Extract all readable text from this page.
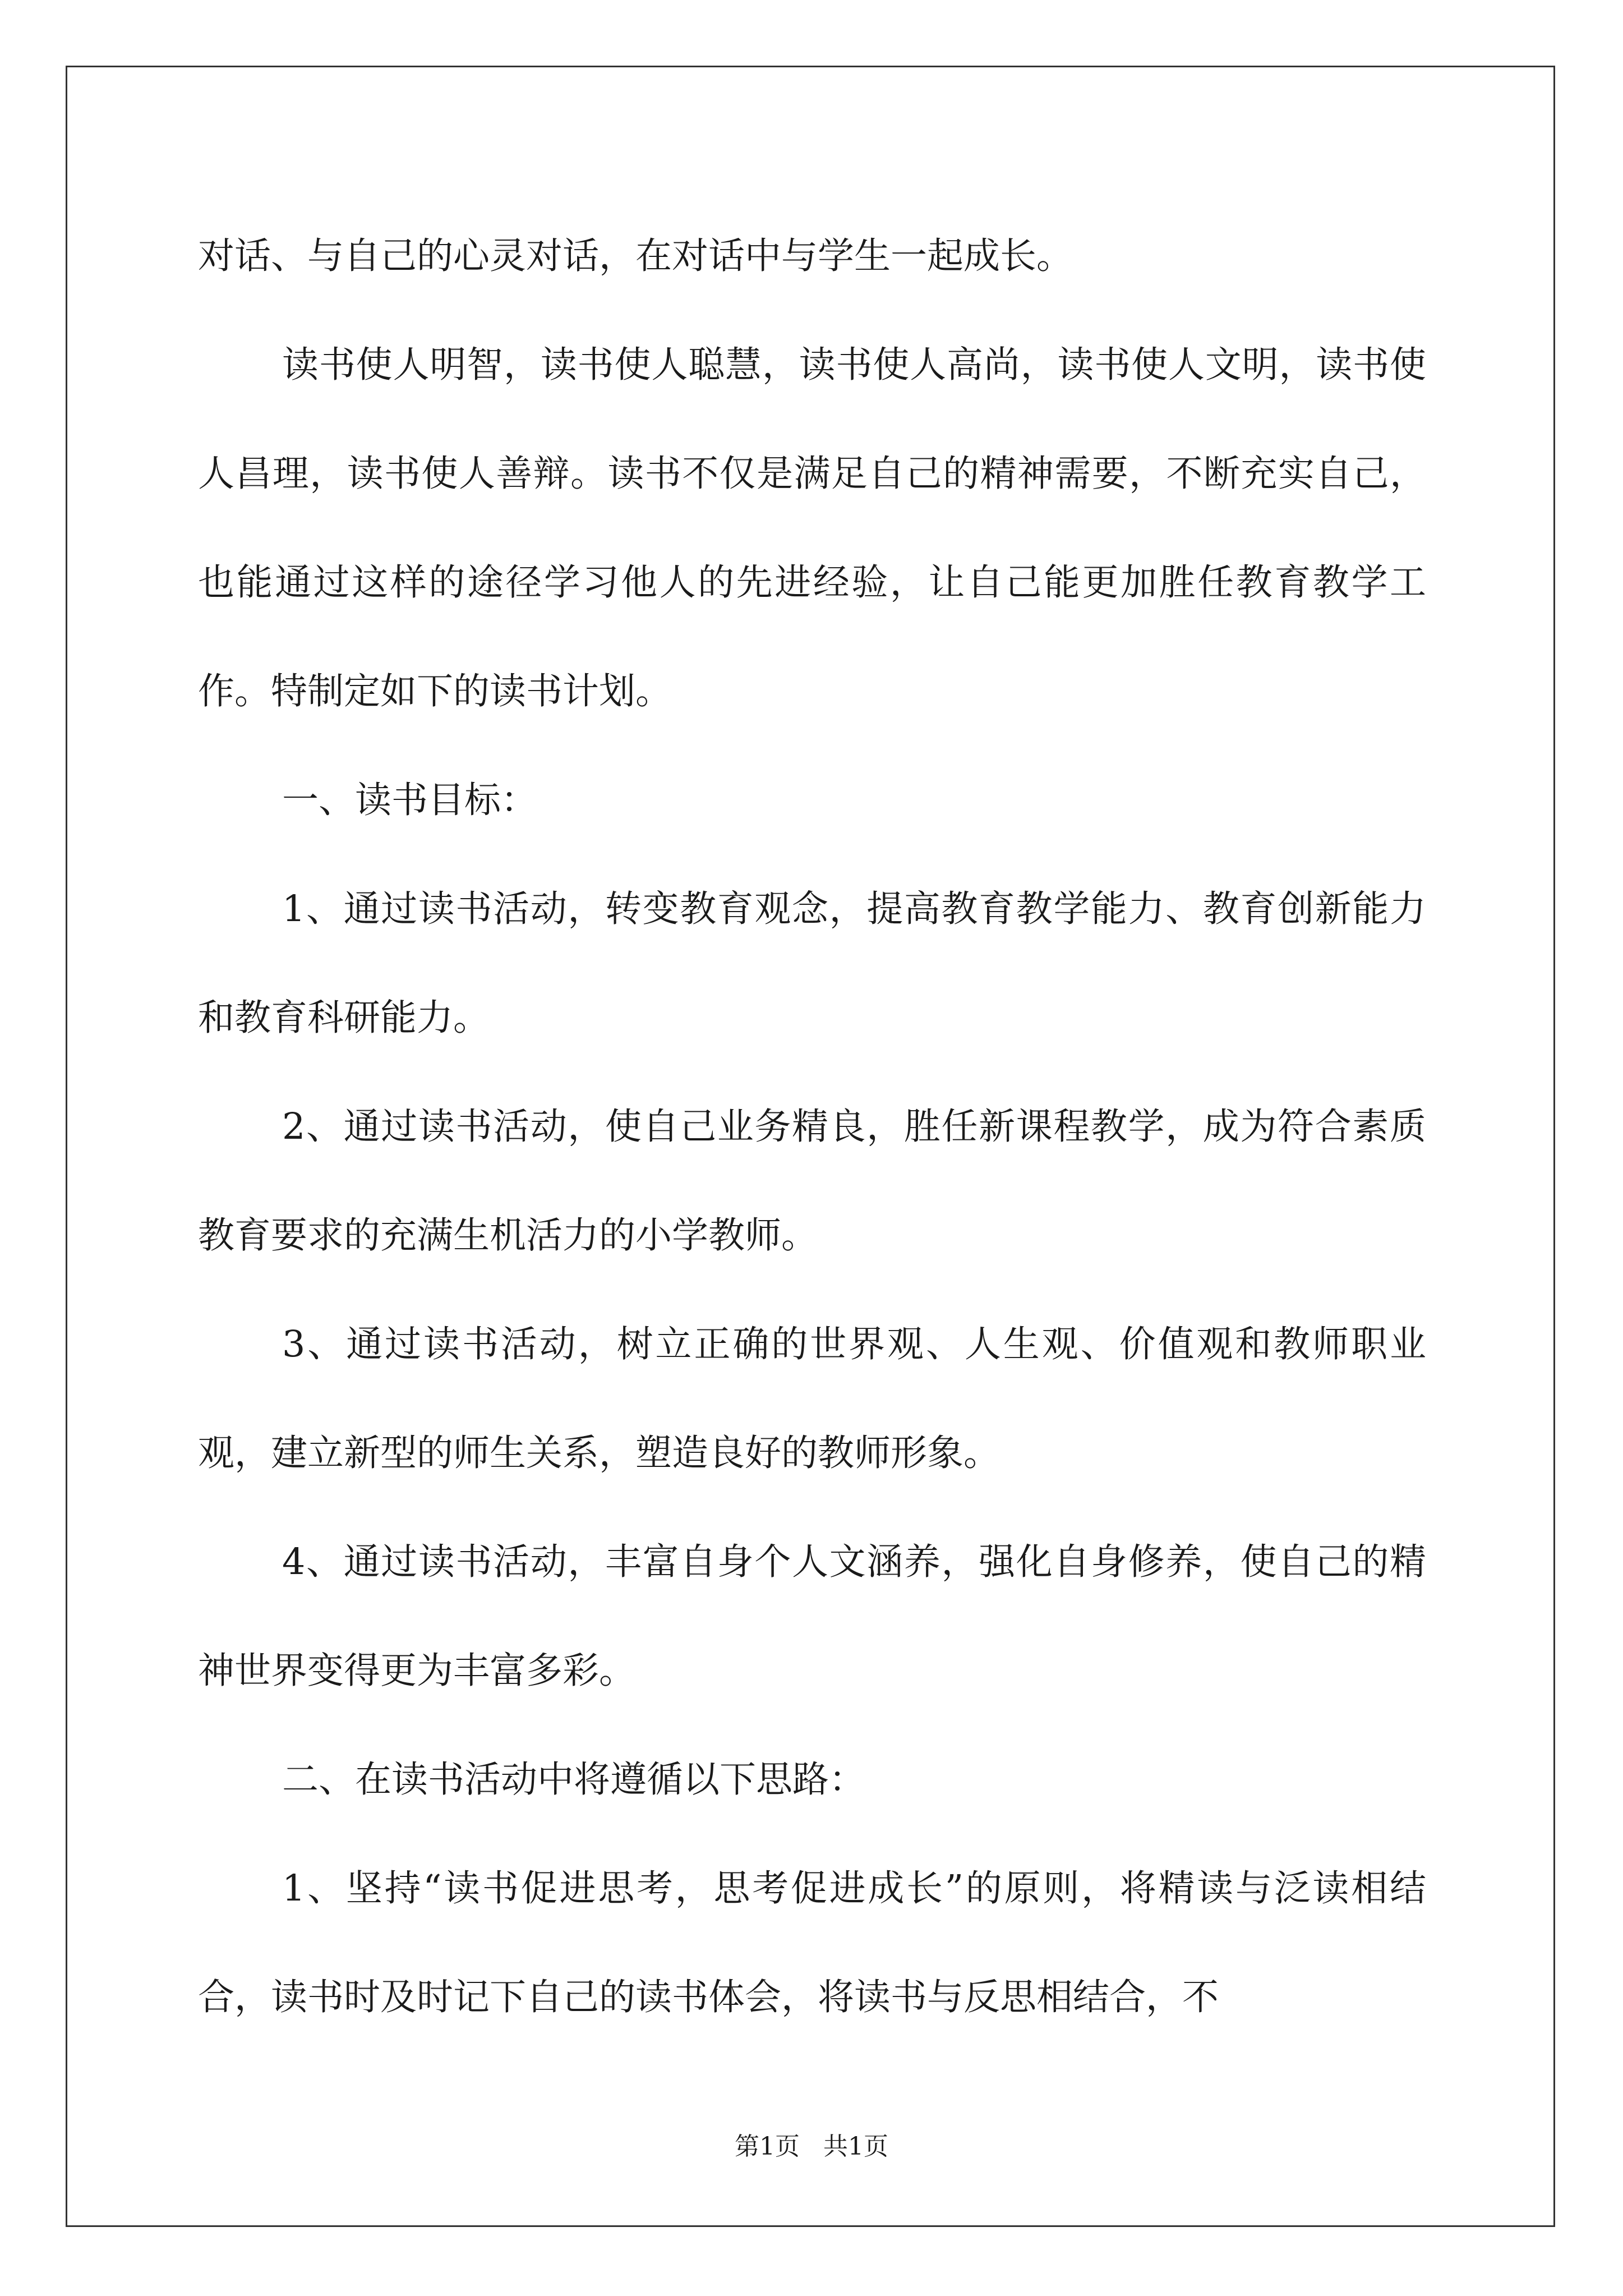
对话、与自己的心灵对话，在对话中与学生一起成长。

读书使人明智，读书使人聪慧，读书使人高尚，读书使人文明，读书使人昌理，读书使人善辩。读书不仅是满足自己的精神需要，不断充实自己，也能通过这样的途径学习他人的先进经验，让自己能更加胜任教育教学工作。特制定如下的读书计划。

一、读书目标：

1、通过读书活动，转变教育观念，提高教育教学能力、教育创新能力和教育科研能力。

2、通过读书活动，使自己业务精良，胜任新课程教学，成为符合素质教育要求的充满生机活力的小学教师。

3、通过读书活动，树立正确的世界观、人生观、价值观和教师职业观，建立新型的师生关系，塑造良好的教师形象。

4、通过读书活动，丰富自身个人文涵养，强化自身修养，使自己的精神世界变得更为丰富多彩。

二、在读书活动中将遵循以下思路：

1、坚持“读书促进思考，思考促进成长”的原则，将精读与泛读相结合，读书时及时记下自己的读书体会，将读书与反思相结合，不

第1页   共1页
